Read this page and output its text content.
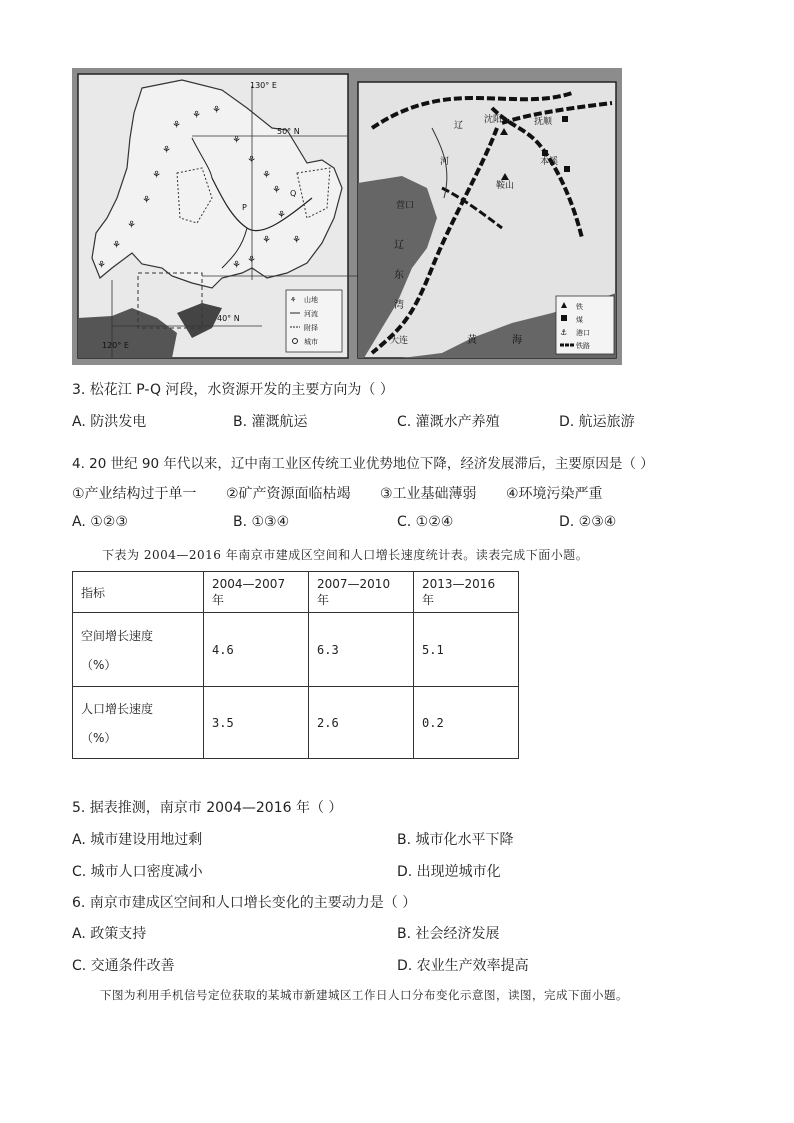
⚘
⚘ ⚘
⚘
⚘
⚘
⚘
⚘
⚘
⚘
⚘
⚘
⚘
⚘
⚘
⚘
⚘
⚘
130° E
50° N
40° N
120° E
P
Q
⚘ 山地
河流
附择
城市
辽
河
沈阳	抚顺
本溪
鞍山
营口
辽
东
湾
大连	黄	海
铁
煤
⚓ 港口
铁路
3. 松花江 P-Q 河段，水资源开发的主要方向为（ ）
A. 防洪发电	B. 灌溉航运	C. 灌溉水产养殖	D. 航运旅游
4. 20 世纪 90 年代以来，辽中南工业区传统工业优势地位下降，经济发展滞后，主要原因是（ ）
①产业结构过于单一 ②矿产资源面临枯竭 ③工业基础薄弱 ④环境污染严重
A. ①②③	B. ①③④	C. ①②④	D. ②③④
下表为 2004—2016 年南京市建成区空间和人口增长速度统计表。读表完成下面小题。
指标	2004—2007 年	2007—2010 年	2013—2016 年

空间增长速度
（%）	4.6	6.3	5.1

人口增长速度
（%）	3.5	2.6	0.2
5. 据表推测，南京市 2004—2016 年（ ）
A. 城市建设用地过剩	B. 城市化水平下降
C. 城市人口密度减小	D. 出现逆城市化
6. 南京市建成区空间和人口增长变化的主要动力是（ ）
A. 政策支持	B. 社会经济发展
C. 交通条件改善	D. 农业生产效率提高
下图为利用手机信号定位获取的某城市新建城区工作日人口分布变化示意图，读图，完成下面小题。
